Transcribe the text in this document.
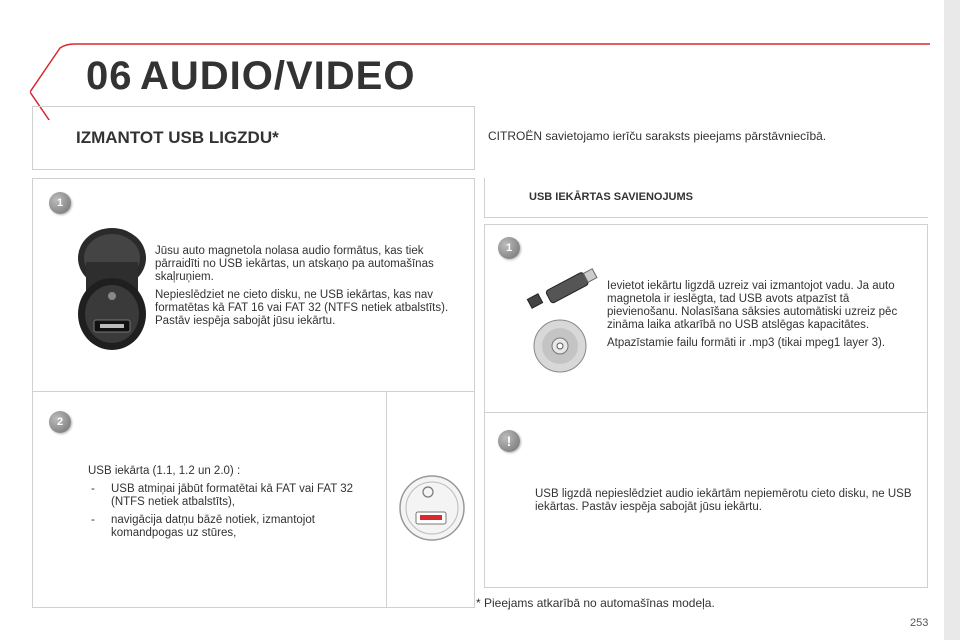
06 AUDIO/VIDEO
IZMANTOT USB LIGZDU*	CITROËN savietojamo ierīču saraksts pieejams pārstāvniecībā.
USB IEKĀRTAS SAVIENOJUMS
1
2
1
!

Jūsu auto magnetola nolasa audio formātus, kas tiek pārraidīti no USB iekārtas, un atskaņo pa automašīnas skaļruņiem.

Nepieslēdziet ne cieto disku, ne USB iekārtas, kas nav formatētas kā FAT 16 vai FAT 32 (NTFS netiek atbalstīts). Pastāv iespēja sabojāt jūsu iekārtu.

USB iekārta (1.1, 1.2 un 2.0) :

- USB atmiņai jābūt formatētai kā FAT vai FAT 32 (NTFS netiek atbalstīts),

- navigācija datņu bāzē notiek, izmantojot komandpogas uz stūres,

Ievietot iekārtu ligzdā uzreiz vai izmantojot vadu. Ja auto magnetola ir ieslēgta, tad USB avots atpazīst tā pievienošanu. Nolasīšana sāksies automātiski uzreiz pēc zināma laika atkarībā no USB atslēgas kapacitātes.

Atpazīstamie failu formāti ir .mp3 (tikai mpeg1 layer 3).

USB ligzdā nepieslēdziet audio iekārtām nepiemērotu cieto disku, ne USB iekārtas. Pastāv iespēja sabojāt jūsu iekārtu.

* Pieejams atkarībā no automašīnas modeļa.
253
